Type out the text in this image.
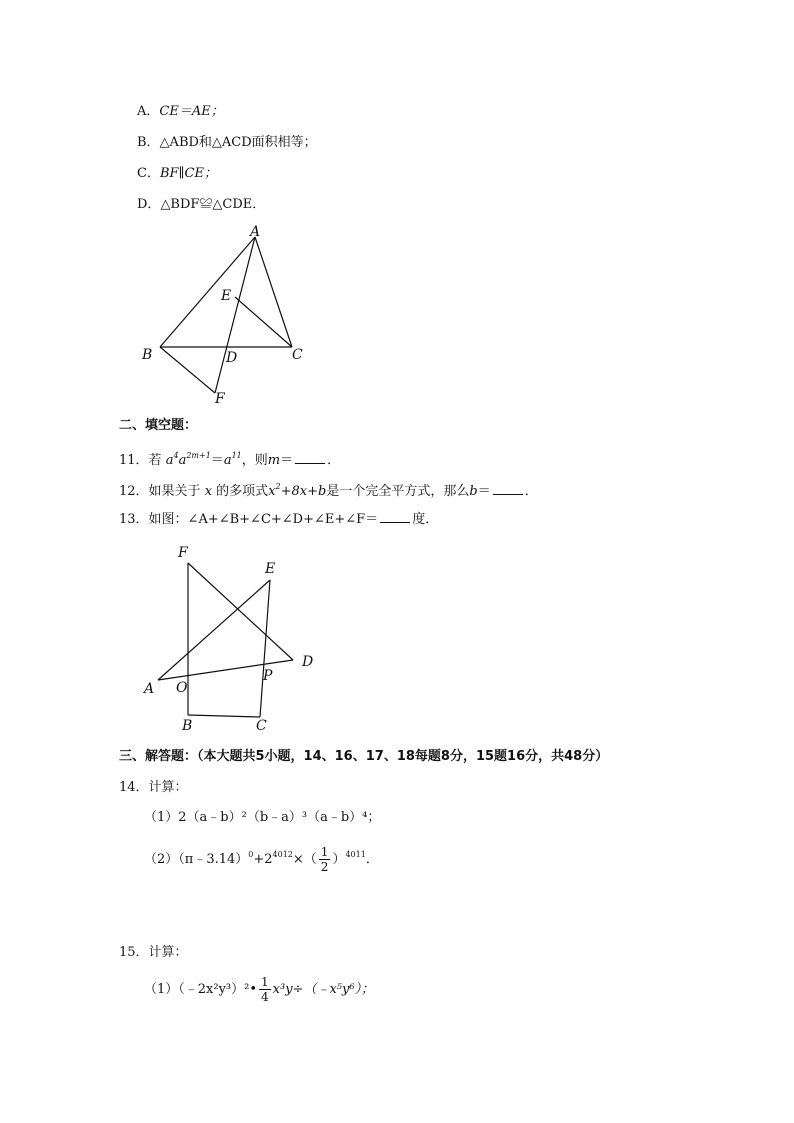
A．CE＝AE；
B．△ABD和△ACD面积相等；
C．BF∥CE；
D．△BDF≌△CDE．
A
E
B	D	C
F
二、填空题：
11．若 $a^4a^{2m+1}=a^{11}$，则m＝	．
12．如果关于 x 的多项式$x^2+8x+b$是一个完全平方式，那么b＝	．
13．如图：∠A+∠B+∠C+∠D+∠E+∠F＝	度．
F
E
D
A O
P
B	C
三、解答题：（本大题共5小题，14、16、17、18每题8分，15题16分，共48分）
14．计算：
（1）2（a﹣b）²（b﹣a）³（a﹣b）⁴；
$(2)(\pi﹣3.14)^0+2^{4012}\times( \frac{1}{2} )^{4011}$．
15．计算：
（1）（﹣2x²y³）²• $\frac{1}{4}$ x³y÷（﹣x⁵y⁶）；
